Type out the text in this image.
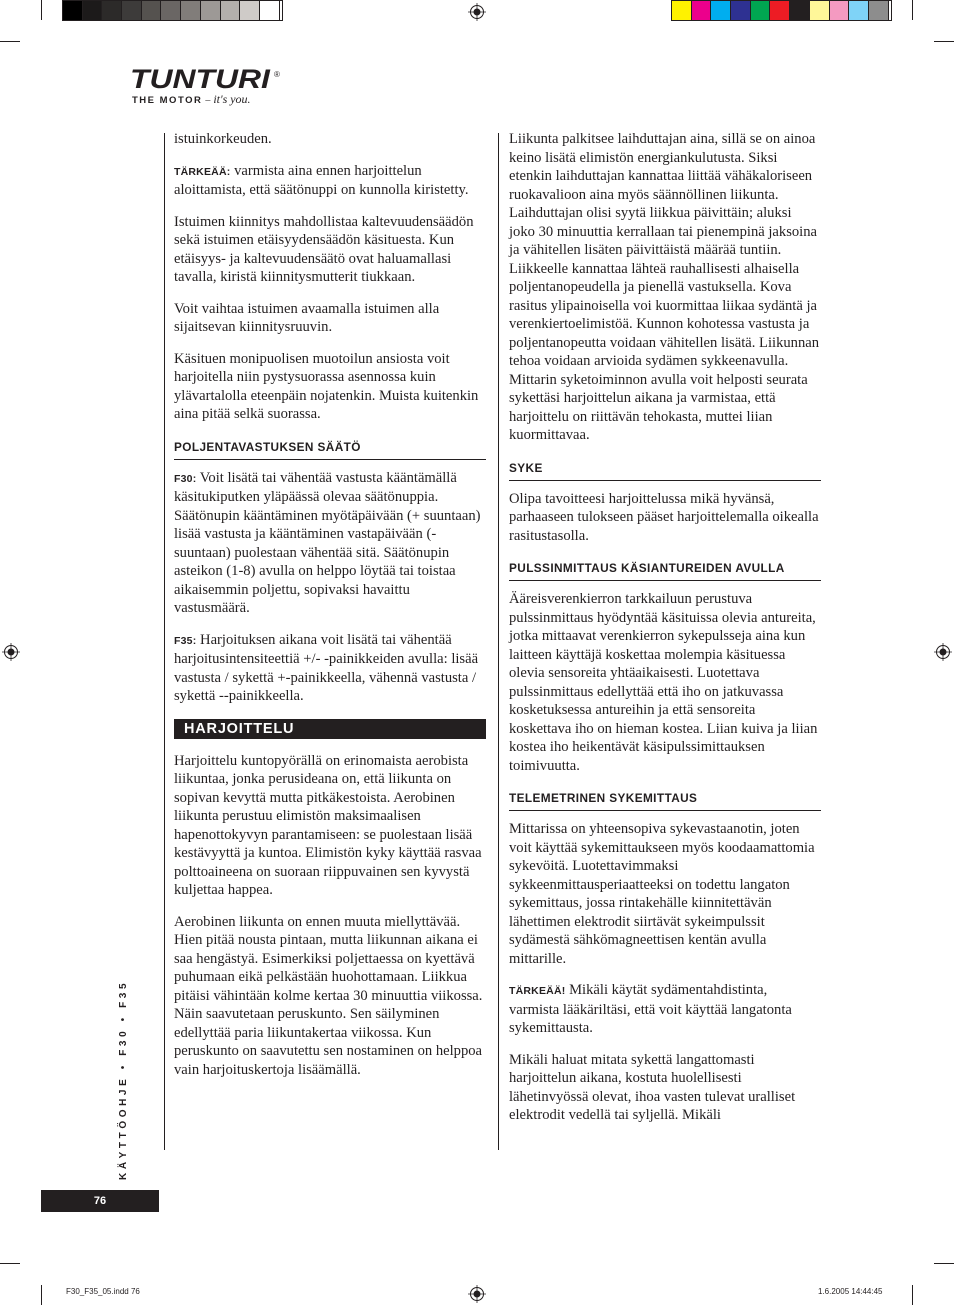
TUNTURI ®
THE MOTOR – it's you.

istuinkorkeuden.

TÄRKEÄÄ: varmista aina ennen harjoittelun aloittamista, että säätönuppi on kunnolla kiristetty.

Istuimen kiinnitys mahdollistaa kaltevuudensäädön sekä istuimen etäisyydensäädön käsituesta. Kun etäisyys- ja kaltevuudensäätö ovat haluamallasi tavalla, kiristä kiinnitysmutterit tiukkaan.

Voit vaihtaa istuimen avaamalla istuimen alla sijaitsevan kiinnitysruuvin.

Käsituen monipuolisen muotoilun ansiosta voit harjoitella niin pystysuorassa asennossa kuin ylävartalolla eteenpäin nojatenkin. Muista kuitenkin aina pitää selkä suorassa.

POLJENTAVASTUKSEN SÄÄTÖ

F30: Voit lisätä tai vähentää vastusta kääntämällä käsitukiputken yläpäässä olevaa säätönuppia. Säätönupin kääntäminen myötäpäivään (+ suuntaan) lisää vastusta ja kääntäminen vastapäivään (- suuntaan) puolestaan vähentää sitä. Säätönupin asteikon (1-8) avulla on helppo löytää tai toistaa aikaisemmin poljettu, sopivaksi havaittu vastusmäärä.

F35: Harjoituksen aikana voit lisätä tai vähentää harjoitusintensiteettiä +/- -painikkeiden avulla: lisää vastusta / sykettä +-painikkeella, vähennä vastusta / sykettä --painikkeella.

HARJOITTELU

Harjoittelu kuntopyörällä on erinomaista aerobista liikuntaa, jonka perusideana on, että liikunta on sopivan kevyttä mutta pitkäkestoista. Aerobinen liikunta perustuu elimistön maksimaalisen hapenottokyvyn parantamiseen: se puolestaan lisää kestävyyttä ja kuntoa. Elimistön kyky käyttää rasvaa polttoaineena on suoraan riippuvainen sen kyvystä kuljettaa happea.

Aerobinen liikunta on ennen muuta miellyttävää. Hien pitää nousta pintaan, mutta liikunnan aikana ei saa hengästyä. Esimerkiksi poljettaessa on kyettävä puhumaan eikä pelkästään huohottamaan. Liikkua pitäisi vähintään kolme kertaa 30 minuuttia viikossa. Näin saavutetaan peruskunto. Sen säilyminen edellyttää paria liikuntakertaa viikossa. Kun peruskunto on saavutettu sen nostaminen on helppoa vain harjoituskertoja lisäämällä.

Liikunta palkitsee laihduttajan aina, sillä se on ainoa keino lisätä elimistön energiankulutusta. Siksi etenkin laihduttajan kannattaa liittää vähäkaloriseen ruokavalioon aina myös säännöllinen liikunta. Laihduttajan olisi syytä liikkua päivittäin; aluksi joko 30 minuuttia kerrallaan tai pienempinä jaksoina ja vähitellen lisäten päivittäistä määrää tuntiin. Liikkeelle kannattaa lähteä rauhallisesti alhaisella poljentanopeudella ja pienellä vastuksella. Kova rasitus ylipainoisella voi kuormittaa liikaa sydäntä ja verenkiertoelimistöä. Kunnon kohotessa vastusta ja poljentanopeutta voidaan vähitellen lisätä. Liikunnan tehoa voidaan arvioida sydämen sykkeenavulla. Mittarin syketoiminnon avulla voit helposti seurata sykettäsi harjoittelun aikana ja varmistaa, että harjoittelu on riittävän tehokasta, muttei liian kuormittavaa.

SYKE

Olipa tavoitteesi harjoittelussa mikä hyvänsä, parhaaseen tulokseen pääset harjoittelemalla oikealla rasitustasolla.

PULSSINMITTAUS KÄSIANTUREIDEN AVULLA

Ääreisverenkierron tarkkailuun perustuva pulssinmittaus hyödyntää käsituissa olevia antureita, jotka mittaavat verenkierron sykepulsseja aina kun laitteen käyttäjä koskettaa molempia käsituessa olevia sensoreita yhtäaikaisesti. Luotettava pulssinmittaus edellyttää että iho on jatkuvassa kosketuksessa antureihin ja että sensoreita koskettava iho on hieman kostea. Liian kuiva ja liian kostea iho heikentävät käsipulssimittauksen toimivuutta.

TELEMETRINEN SYKEMITTAUS

Mittarissa on yhteensopiva sykevastaanotin, joten voit käyttää sykemittaukseen myös koodaamattomia sykevöitä. Luotettavimmaksi sykkeenmittausperiaatteeksi on todettu langaton sykemittaus, jossa rintakehälle kiinnitettävän lähettimen elektrodit siirtävät sykeimpulssit sydämestä sähkömagneettisen kentän avulla mittarille.

TÄRKEÄÄ! Mikäli käytät sydämentahdistinta, varmista lääkäriltäsi, että voit käyttää langatonta sykemittausta.

Mikäli haluat mitata sykettä langattomasti harjoittelun aikana, kostuta huolellisesti lähetinvyössä olevat, ihoa vasten tulevat uralliset elektrodit vedellä tai syljellä. Mikäli

KÄYTTÖOHJE • F30 • F35
76
F30_F35_05.indd 76	1.6.2005 14:44:45
